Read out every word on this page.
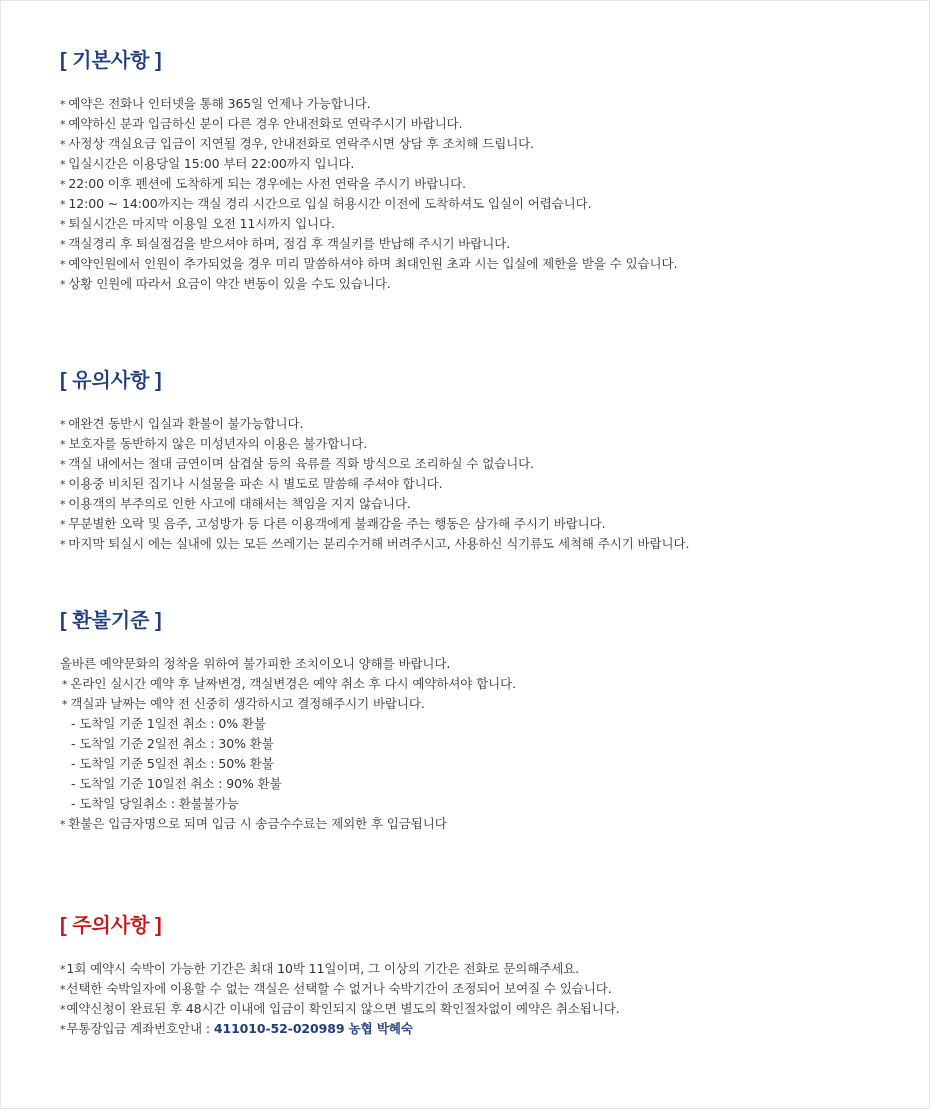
[ 기본사항 ]
* 예약은 전화나 인터넷을 통해 365일 언제나 가능합니다.
* 예약하신 분과 입금하신 분이 다른 경우 안내전화로 연락주시기 바랍니다.
* 사정상 객실요금 입금이 지연될 경우, 안내전화로 연락주시면 상담 후 조치해 드립니다.
* 입실시간은 이용당일 15:00 부터 22:00까지 입니다.
* 22:00 이후 펜션에 도착하게 되는 경우에는 사전 연락을 주시기 바랍니다.
* 12:00 ~ 14:00까지는 객실 경리 시간으로 입실 허용시간 이전에 도착하셔도 입실이 어렵습니다.
* 퇴실시간은 마지막 이용일 오전 11시까지 입니다.
* 객실경리 후 퇴실점검을 받으셔야 하며, 점검 후 객실키를 반납해 주시기 바랍니다.
* 예약인원에서 인원이 추가되었을 경우 미리 말씀하셔야 하며 최대인원 초과 시는 입실에 제한을 받을 수 있습니다.
* 상황 인원에 따라서 요금이 약간 변동이 있을 수도 있습니다.
[ 유의사항 ]
* 애완견 동반시 입실과 환불이 불가능합니다.
* 보호자를 동반하지 않은 미성년자의 이용은 불가합니다.
* 객실 내에서는 절대 금연이며 삼겹살 등의 육류를 직화 방식으로 조리하실 수 없습니다.
* 이용중 비치된 집기나 시설물을 파손 시 별도로 말씀해 주셔야 합니다.
* 이용객의 부주의로 인한 사고에 대해서는 책임을 지지 않습니다.
* 무분별한 오락 및 음주, 고성방가 등 다른 이용객에게 불쾌감을 주는 행동은 삼가해 주시기 바랍니다.
* 마지막 퇴실시 에는 실내에 있는 모든 쓰레기는 분리수거해 버려주시고, 사용하신 식기류도 세척해 주시기 바랍니다.
[ 환불기준 ]
올바른 예약문화의 정착을 위하여 불가피한 조치이오니 양해를 바랍니다.
* 온라인 실시간 예약 후 날짜변경, 객실변경은 예약 취소 후 다시 예약하셔야 합니다.
* 객실과 날짜는 예약 전 신중히 생각하시고 결정해주시기 바랍니다.
- 도착일 기준 1일전 취소 : 0% 환불
- 도착일 기준 2일전 취소 : 30% 환불
- 도착일 기준 5일전 취소 : 50% 환불
- 도착일 기준 10일전 취소 : 90% 환불
- 도착일 당일취소 : 환불불가능
* 환불은 입금자명으로 되며 입금 시 송금수수료는 제외한 후 입금됩니다
[ 주의사항 ]
*1회 예약시 숙박이 가능한 기간은 최대 10박 11일이며, 그 이상의 기간은 전화로 문의해주세요.
*선택한 숙박일자에 이용할 수 없는 객실은 선택할 수 없거나 숙박기간이 조정되어 보여질 수 있습니다.
*예약신청이 완료된 후 48시간 이내에 입금이 확인되지 않으면 별도의 확인절차없이 예약은 취소됩니다.
*무통장입금 계좌번호안내 : 411010-52-020989 농협 박혜숙
